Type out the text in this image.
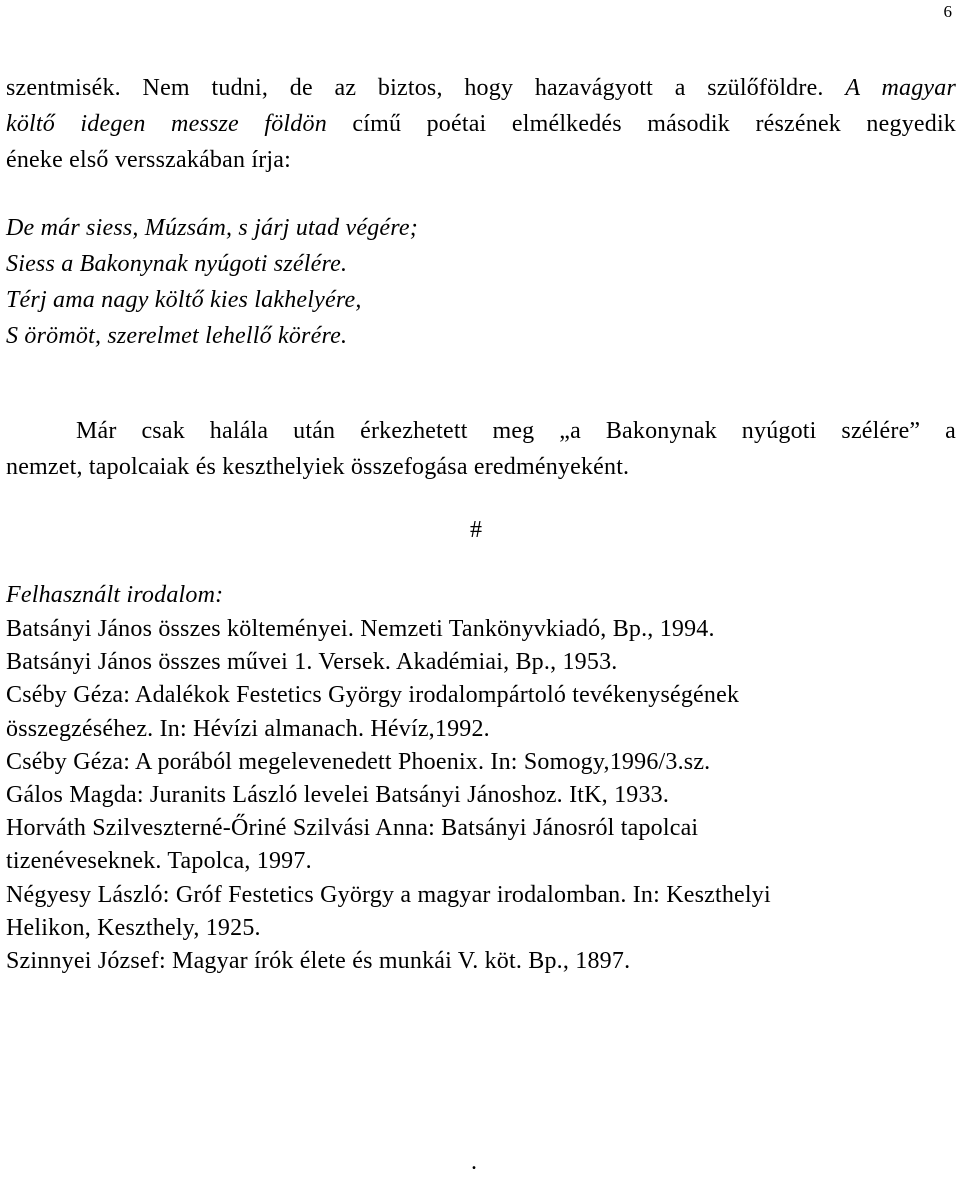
6

szentmisék. Nem tudni, de az biztos, hogy hazavágyott a szülőföldre. A magyar

költő idegen messze földön című poétai elmélkedés második részének negyedik

éneke első versszakában írja:

De már siess, Múzsám, s járj utad végére;
Siess a Bakonynak nyúgoti szélére.
Térj ama nagy költő kies lakhelyére,
S örömöt, szerelmet lehellő körére.
Már csak halála után érkezhetett meg „a Bakonynak nyúgoti szélére” a
nemzet, tapolcaiak és keszthelyiek összefogása eredményeként.
#
Felhasznált irodalom:

Batsányi János összes költeményei. Nemzeti Tankönyvkiadó, Bp., 1994.

Batsányi János összes művei 1. Versek. Akadémiai, Bp., 1953.

Cséby Géza: Adalékok Festetics György irodalompártoló tevékenységének
összegzéséhez. In: Hévízi almanach. Hévíz,1992.

Cséby Géza: A porából megelevenedett Phoenix. In: Somogy,1996/3.sz.

Gálos Magda: Juranits László levelei Batsányi Jánoshoz. ItK, 1933.

Horváth Szilveszterné-Őriné Szilvási Anna: Batsányi Jánosról tapolcai
tizenéveseknek. Tapolca, 1997.

Négyesy László: Gróf Festetics György a magyar irodalomban. In: Keszthelyi
Helikon, Keszthely, 1925.

Szinnyei József: Magyar írók élete és munkái V. köt. Bp., 1897.

.
